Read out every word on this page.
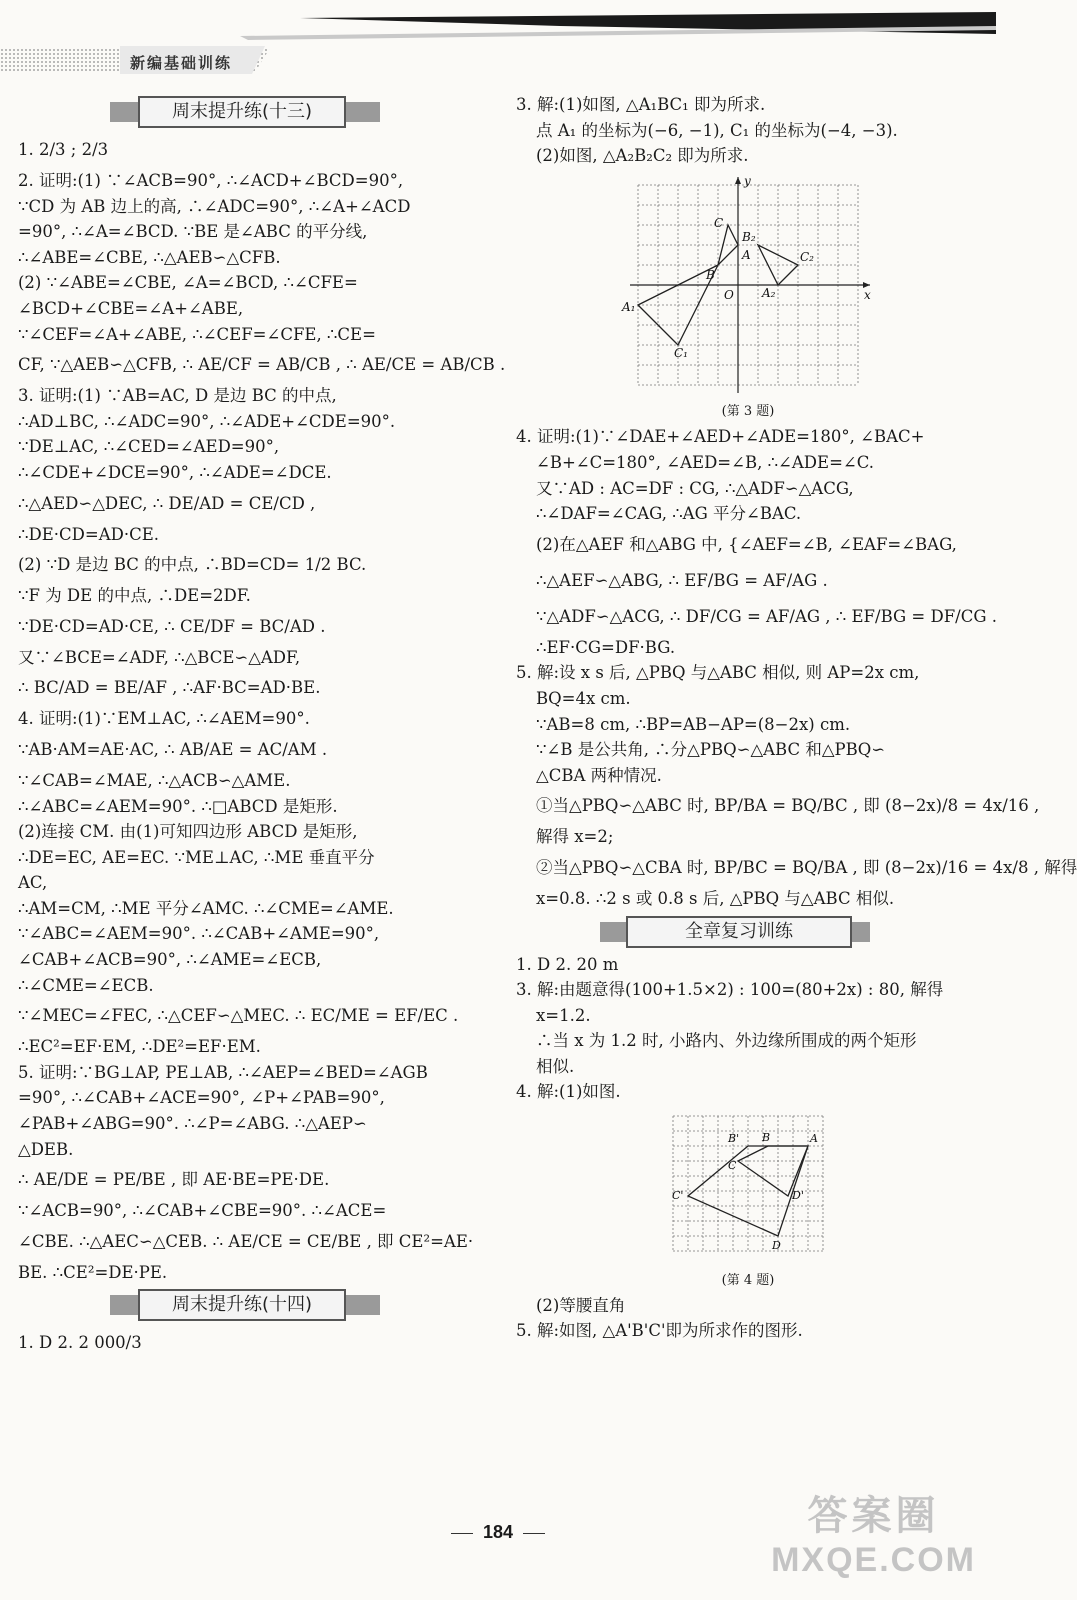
新编基础训练
周末提升练(十三)

1. 2/3 ; 2/3

2. 证明:(1) ∵∠ACB=90°, ∴∠ACD+∠BCD=90°,

∵CD 为 AB 边上的高, ∴∠ADC=90°, ∴∠A+∠ACD

=90°, ∴∠A=∠BCD. ∵BE 是∠ABC 的平分线,

∴∠ABE=∠CBE, ∴△AEB∽△CFB.

(2) ∵∠ABE=∠CBE, ∠A=∠BCD, ∴∠CFE=

∠BCD+∠CBE=∠A+∠ABE,

∵∠CEF=∠A+∠ABE, ∴∠CEF=∠CFE, ∴CE=

CF, ∵△AEB∽△CFB, ∴ AE/CF = AB/CB , ∴ AE/CE = AB/CB .

3. 证明:(1) ∵AB=AC, D 是边 BC 的中点,

∴AD⊥BC, ∴∠ADC=90°, ∴∠ADE+∠CDE=90°.

∵DE⊥AC, ∴∠CED=∠AED=90°,

∴∠CDE+∠DCE=90°, ∴∠ADE=∠DCE.

∴△AED∽△DEC, ∴ DE/AD = CE/CD ,

∴DE·CD=AD·CE.

(2) ∵D 是边 BC 的中点, ∴BD=CD= 1/2 BC.

∵F 为 DE 的中点, ∴DE=2DF.

∵DE·CD=AD·CE, ∴ CE/DF = BC/AD .

又∵∠BCE=∠ADF, ∴△BCE∽△ADF,

∴ BC/AD = BE/AF , ∴AF·BC=AD·BE.

4. 证明:(1)∵EM⊥AC, ∴∠AEM=90°.

∵AB·AM=AE·AC, ∴ AB/AE = AC/AM .

∵∠CAB=∠MAE, ∴△ACB∽△AME.

∴∠ABC=∠AEM=90°. ∴□ABCD 是矩形.

(2)连接 CM. 由(1)可知四边形 ABCD 是矩形,

∴DE=EC, AE=EC. ∵ME⊥AC, ∴ME 垂直平分

AC,

∴AM=CM, ∴ME 平分∠AMC. ∴∠CME=∠AME.

∵∠ABC=∠AEM=90°. ∴∠CAB+∠AME=90°,

∠CAB+∠ACB=90°, ∴∠AME=∠ECB,

∴∠CME=∠ECB.

∵∠MEC=∠FEC, ∴△CEF∽△MEC. ∴ EC/ME = EF/EC .

∴EC²=EF·EM, ∴DE²=EF·EM.

5. 证明:∵BG⊥AP, PE⊥AB, ∴∠AEP=∠BED=∠AGB

=90°, ∴∠CAB+∠ACE=90°, ∠P+∠PAB=90°,

∠PAB+∠ABG=90°. ∴∠P=∠ABG. ∴△AEP∽

△DEB.

∴ AE/DE = PE/BE , 即 AE·BE=PE·DE.

∵∠ACB=90°, ∴∠CAB+∠CBE=90°. ∴∠ACE=

∠CBE. ∴△AEC∽△CEB. ∴ AE/CE = CE/BE , 即 CE²=AE·

BE. ∴CE²=DE·PE.

周末提升练(十四)

1. D 2. 2 000/3

3. 解:(1)如图, △A₁BC₁ 即为所求.

点 A₁ 的坐标为(−6, −1), C₁ 的坐标为(−4, −3).

(2)如图, △A₂B₂C₂ 即为所求.

y
x
O
A
B
C
A₁
C₁
B₂
C₂
A₂
(第 3 题)

4. 证明:(1)∵∠DAE+∠AED+∠ADE=180°, ∠BAC+

∠B+∠C=180°, ∠AED=∠B, ∴∠ADE=∠C.

又∵AD : AC=DF : CG, ∴△ADF∽△ACG,

∴∠DAF=∠CAG, ∴AG 平分∠BAC.

(2)在△AEF 和△ABG 中, {∠AEF=∠B, ∠EAF=∠BAG,

∴△AEF∽△ABG, ∴ EF/BG = AF/AG .

∵△ADF∽△ACG, ∴ DF/CG = AF/AG , ∴ EF/BG = DF/CG .

∴EF·CG=DF·BG.

5. 解:设 x s 后, △PBQ 与△ABC 相似, 则 AP=2x cm,

BQ=4x cm.

∵AB=8 cm, ∴BP=AB−AP=(8−2x) cm.

∵∠B 是公共角, ∴分△PBQ∽△ABC 和△PBQ∽

△CBA 两种情况.

①当△PBQ∽△ABC 时, BP/BA = BQ/BC , 即 (8−2x)/8 = 4x/16 ,

解得 x=2;

②当△PBQ∽△CBA 时, BP/BC = BQ/BA , 即 (8−2x)/16 = 4x/8 , 解得

x=0.8. ∴2 s 或 0.8 s 后, △PBQ 与△ABC 相似.

全章复习训练

1. D 2. 20 m

3. 解:由题意得(100+1.5×2) : 100=(80+2x) : 80, 解得

x=1.2.

∴当 x 为 1.2 时, 小路内、外边缘所围成的两个矩形

相似.

4. 解:(1)如图.

B' B	A
C'
C
D'
D
(第 4 题)

(2)等腰直角

5. 解:如图, △A'B'C'即为所求作的图形.

184	答案圈
MXQE.COM
